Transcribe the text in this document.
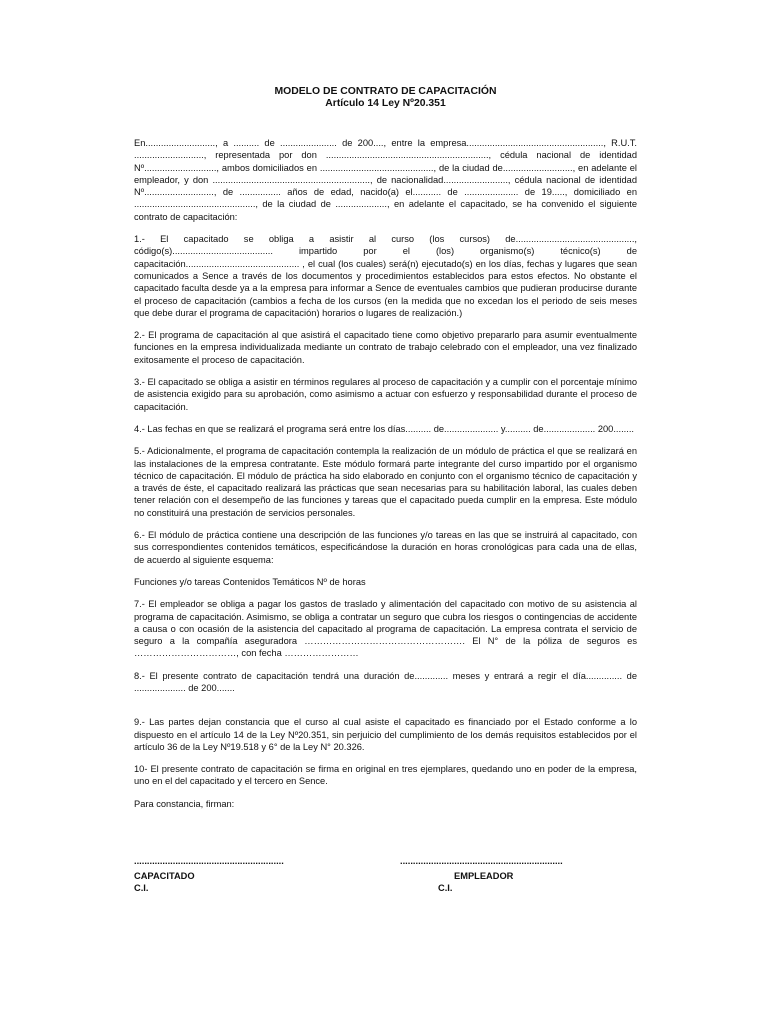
MODELO DE CONTRATO DE CAPACITACIÓN

Artículo 14 Ley Nº20.351

En..........................., a .......... de ...................... de 200...., entre la empresa....................................................., R.U.T. ..........................., representada por don ..............................................................., cédula nacional de identidad Nº............................, ambos domiciliados en ............................................, de la ciudad de..........................., en adelante el empleador, y don ............................................................., de nacionalidad........................., cédula nacional de identidad Nº..........................., de ................ años de edad, nacido(a) el........... de ..................... de 19....., domiciliado en ..............................................., de la ciudad de ...................., en adelante el capacitado, se ha convenido el siguiente contrato de capacitación:

1.- El capacitado se obliga a asistir al curso (los cursos) de.............................................., código(s)....................................... impartido por el (los) organismo(s) técnico(s) de capacitación............................................ , el cual (los cuales) será(n) ejecutado(s) en los días, fechas y lugares que sean comunicados a Sence a través de los documentos y procedimientos establecidos para estos efectos. No obstante el capacitado faculta desde ya a la empresa para informar a Sence de eventuales cambios que pudieran producirse durante el proceso de capacitación (cambios a fecha de los cursos (en la medida que no excedan los el periodo de seis meses que debe durar el programa de capacitación) horarios o lugares de realización.)

2.- El programa de capacitación al que asistirá el capacitado tiene como objetivo prepararlo para asumir eventualmente funciones en la empresa individualizada mediante un contrato de trabajo celebrado con el empleador, una vez finalizado exitosamente el proceso de capacitación.

3.- El capacitado se obliga a asistir en términos regulares al proceso de capacitación y a cumplir con el porcentaje mínimo de asistencia exigido para su aprobación, como asimismo a actuar con esfuerzo y responsabilidad durante el proceso de capacitación.

4.- Las fechas en que se realizará el programa será entre los días.......... de..................... y.......... de.................... 200........

5.- Adicionalmente, el programa de capacitación contempla la realización de un módulo de práctica el que se realizará en las instalaciones de la empresa contratante. Este módulo formará parte integrante del curso impartido por el organismo técnico de capacitación. El módulo de práctica ha sido elaborado en conjunto con el organismo técnico de capacitación y a través de éste, el capacitado realizará las prácticas que sean necesarias para su habilitación laboral, las cuales deben tener relación con el desempeño de las funciones y tareas que el capacitado pueda cumplir en la empresa. Este módulo no constituirá una prestación de servicios personales.

6.- El módulo de práctica contiene una descripción de las funciones y/o tareas en las que se instruirá al capacitado, con sus correspondientes contenidos temáticos, especificándose la duración en horas cronológicas para cada una de ellas, de acuerdo al siguiente esquema:

Funciones y/o tareas Contenidos Temáticos Nº de horas

7.- El empleador se obliga a pagar los gastos de traslado y alimentación del capacitado con motivo de su asistencia al programa de capacitación. Asimismo, se obliga a contratar un seguro que cubra los riesgos o contingencias de accidente a causa o con ocasión de la asistencia del capacitado al programa de capacitación. La empresa contrata el servicio de seguro a la compañía aseguradora ……………………………………………. El N° de la póliza de seguros es ……………………………, con fecha ……………………

8.- El presente contrato de capacitación tendrá una duración de............. meses y entrará a regir el día.............. de .................... de 200.......

9.- Las partes dejan constancia que el curso al cual asiste el capacitado es financiado por el Estado conforme a lo dispuesto en el artículo 14 de la Ley Nº20.351, sin perjuicio del cumplimiento de los demás requisitos establecidos por el artículo 36 de la Ley Nº19.518 y 6° de la Ley N° 20.326.

10- El presente contrato de capacitación se firma en original en tres ejemplares, quedando uno en poder de la empresa, uno en el del capacitado y el tercero en Sence.

Para constancia, firman:

..........................................................
CAPACITADO
C.I.
...............................................................
EMPLEADOR
C.I.
